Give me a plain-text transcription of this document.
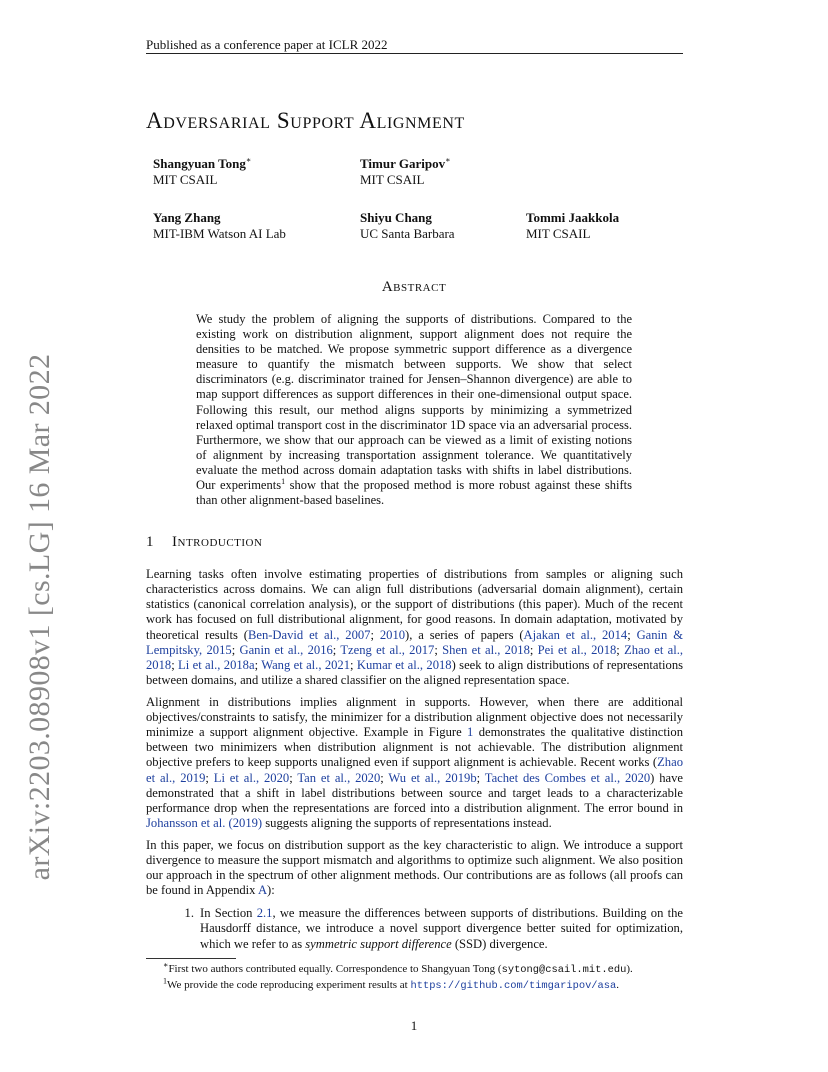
Published as a conference paper at ICLR 2022
arXiv:2203.08908v1 [cs.LG] 16 Mar 2022
Adversarial Support Alignment
Shangyuan Tong∗
MIT CSAIL
Timur Garipov∗
MIT CSAIL
Yang Zhang
MIT-IBM Watson AI Lab
Shiyu Chang
UC Santa Barbara
Tommi Jaakkola
MIT CSAIL
Abstract
We study the problem of aligning the supports of distributions. Compared to the existing work on distribution alignment, support alignment does not require the densities to be matched. We propose symmetric support difference as a divergence measure to quantify the mismatch between supports. We show that select discriminators (e.g. discriminator trained for Jensen–Shannon divergence) are able to map support differences as support differences in their one-dimensional output space. Following this result, our method aligns supports by minimizing a symmetrized relaxed optimal transport cost in the discriminator 1D space via an adversarial process. Furthermore, we show that our approach can be viewed as a limit of existing notions of alignment by increasing transportation assignment tolerance. We quantitatively evaluate the method across domain adaptation tasks with shifts in label distributions. Our experiments$^1$ show that the proposed method is more robust against these shifts than other alignment-based baselines.
1 Introduction

Learning tasks often involve estimating properties of distributions from samples or aligning such characteristics across domains. We can align full distributions (adversarial domain alignment), certain statistics (canonical correlation analysis), or the support of distributions (this paper). Much of the recent work has focused on full distributional alignment, for good reasons. In domain adaptation, motivated by theoretical results (Ben-David et al., 2007; 2010), a series of papers (Ajakan et al., 2014; Ganin & Lempitsky, 2015; Ganin et al., 2016; Tzeng et al., 2017; Shen et al., 2018; Pei et al., 2018; Zhao et al., 2018; Li et al., 2018a; Wang et al., 2021; Kumar et al., 2018) seek to align distributions of representations between domains, and utilize a shared classifier on the aligned representation space.

Alignment in distributions implies alignment in supports. However, when there are additional objectives/constraints to satisfy, the minimizer for a distribution alignment objective does not necessarily minimize a support alignment objective. Example in Figure 1 demonstrates the qualitative distinction between two minimizers when distribution alignment is not achievable. The distribution alignment objective prefers to keep supports unaligned even if support alignment is achievable. Recent works (Zhao et al., 2019; Li et al., 2020; Tan et al., 2020; Wu et al., 2019b; Tachet des Combes et al., 2020) have demonstrated that a shift in label distributions between source and target leads to a characterizable performance drop when the representations are forced into a distribution alignment. The error bound in Johansson et al. (2019) suggests aligning the supports of representations instead.

In this paper, we focus on distribution support as the key characteristic to align. We introduce a support divergence to measure the support mismatch and algorithms to optimize such alignment. We also position our approach in the spectrum of other alignment methods. Our contributions are as follows (all proofs can be found in Appendix A):

1. In Section 2.1, we measure the differences between supports of distributions. Building on the Hausdorff distance, we introduce a novel support divergence better suited for optimization, which we refer to as symmetric support difference (SSD) divergence.
∗First two authors contributed equally. Correspondence to Shangyuan Tong (sytong@csail.mit.edu).
$^1$We provide the code reproducing experiment results at https://github.com/timgaripov/asa.
1
